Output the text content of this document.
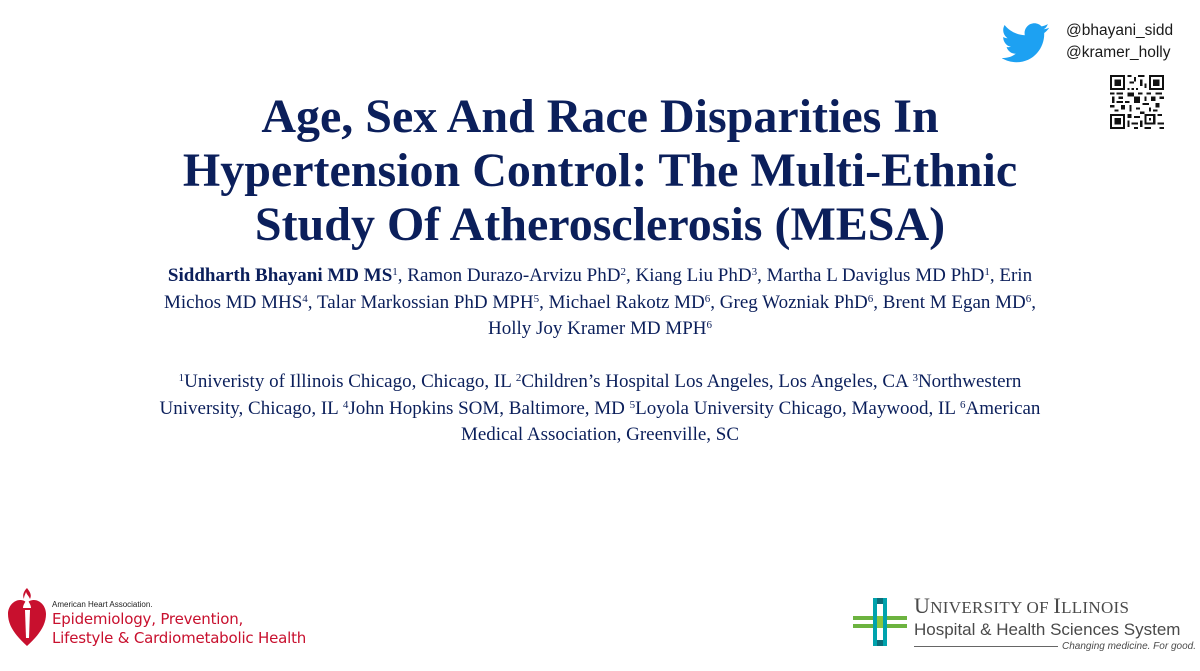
@bhayani_sidd
@kramer_holly
Age, Sex And Race Disparities In
Hypertension Control: The Multi-Ethnic
Study Of Atherosclerosis (MESA)
Siddharth Bhayani MD $MS^1$, Ramon Durazo-Arvizu PhD$^2$, Kiang Liu PhD$^3$, Martha L Daviglus MD PhD$^1$, Erin
Michos MD MHS$^4$, Talar Markossian PhD MPH$^5$, Michael Rakotz $MD^6$, Greg Wozniak PhD$^6$, Brent M Egan $MD^6$,
Holly Joy Kramer MD MPH$^6$
$^1$Univeristy of Illinois Chicago, Chicago, IL $^2$Children’s Hospital Los Angeles, Los Angeles, CA $^3$Northwestern
University, Chicago, IL $^4$John Hopkins SOM, Baltimore, MD $^5$Loyola University Chicago, Maywood, IL $^6$American
Medical Association, Greenville, SC
American Heart Association.
Epidemiology, Prevention,
Lifestyle & Cardiometabolic Health
UNIVERSITY OF ILLINOIS
Hospital & Health Sciences System
Changing medicine. For good.
